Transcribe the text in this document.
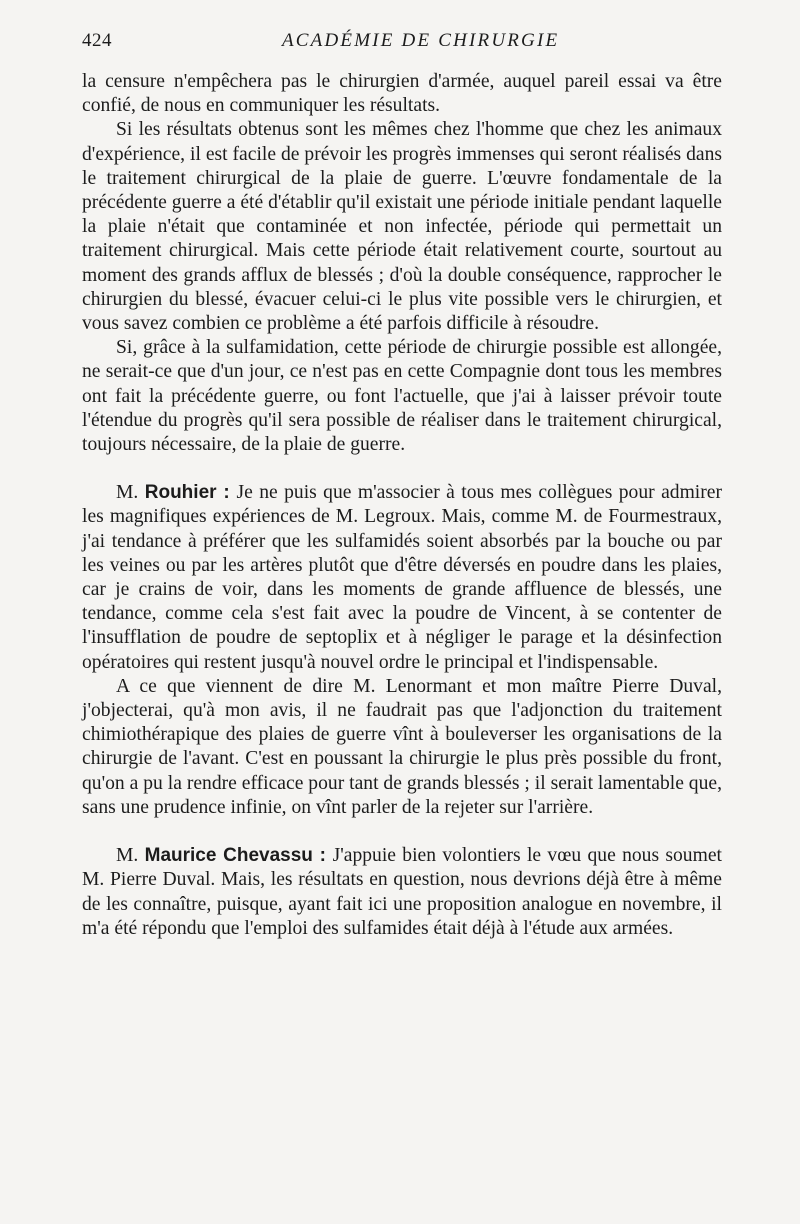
424	ACADÉMIE DE CHIRURGIE

la censure n'empêchera pas le chirurgien d'armée, auquel pareil essai va être confié, de nous en communiquer les résultats.

Si les résultats obtenus sont les mêmes chez l'homme que chez les animaux d'expérience, il est facile de prévoir les progrès immenses qui seront réalisés dans le traitement chirurgical de la plaie de guerre. L'œuvre fondamentale de la précédente guerre a été d'établir qu'il existait une période initiale pendant laquelle la plaie n'était que contaminée et non infectée, période qui permettait un traitement chirurgical. Mais cette période était relativement courte, sourtout au moment des grands afflux de blessés ; d'où la double conséquence, rapprocher le chirurgien du blessé, évacuer celui-ci le plus vite possible vers le chirurgien, et vous savez combien ce problème a été parfois difficile à résoudre.

Si, grâce à la sulfamidation, cette période de chirurgie possible est allongée, ne serait-ce que d'un jour, ce n'est pas en cette Compagnie dont tous les membres ont fait la précédente guerre, ou font l'actuelle, que j'ai à laisser prévoir toute l'étendue du progrès qu'il sera possible de réaliser dans le traitement chirurgical, toujours nécessaire, de la plaie de guerre.

M. Rouhier : Je ne puis que m'associer à tous mes collègues pour admirer les magnifiques expériences de M. Legroux. Mais, comme M. de Fourmestraux, j'ai tendance à préférer que les sulfamidés soient absorbés par la bouche ou par les veines ou par les artères plutôt que d'être déversés en poudre dans les plaies, car je crains de voir, dans les moments de grande affluence de blessés, une tendance, comme cela s'est fait avec la poudre de Vincent, à se contenter de l'insufflation de poudre de septoplix et à négliger le parage et la désinfection opératoires qui restent jusqu'à nouvel ordre le principal et l'indispensable.

A ce que viennent de dire M. Lenormant et mon maître Pierre Duval, j'objecterai, qu'à mon avis, il ne faudrait pas que l'adjonction du traitement chimiothérapique des plaies de guerre vînt à bouleverser les organisations de la chirurgie de l'avant. C'est en poussant la chirurgie le plus près possible du front, qu'on a pu la rendre efficace pour tant de grands blessés ; il serait lamentable que, sans une prudence infinie, on vînt parler de la rejeter sur l'arrière.

M. Maurice Chevassu : J'appuie bien volontiers le vœu que nous soumet M. Pierre Duval. Mais, les résultats en question, nous devrions déjà être à même de les connaître, puisque, ayant fait ici une proposition analogue en novembre, il m'a été répondu que l'emploi des sulfamides était déjà à l'étude aux armées.
